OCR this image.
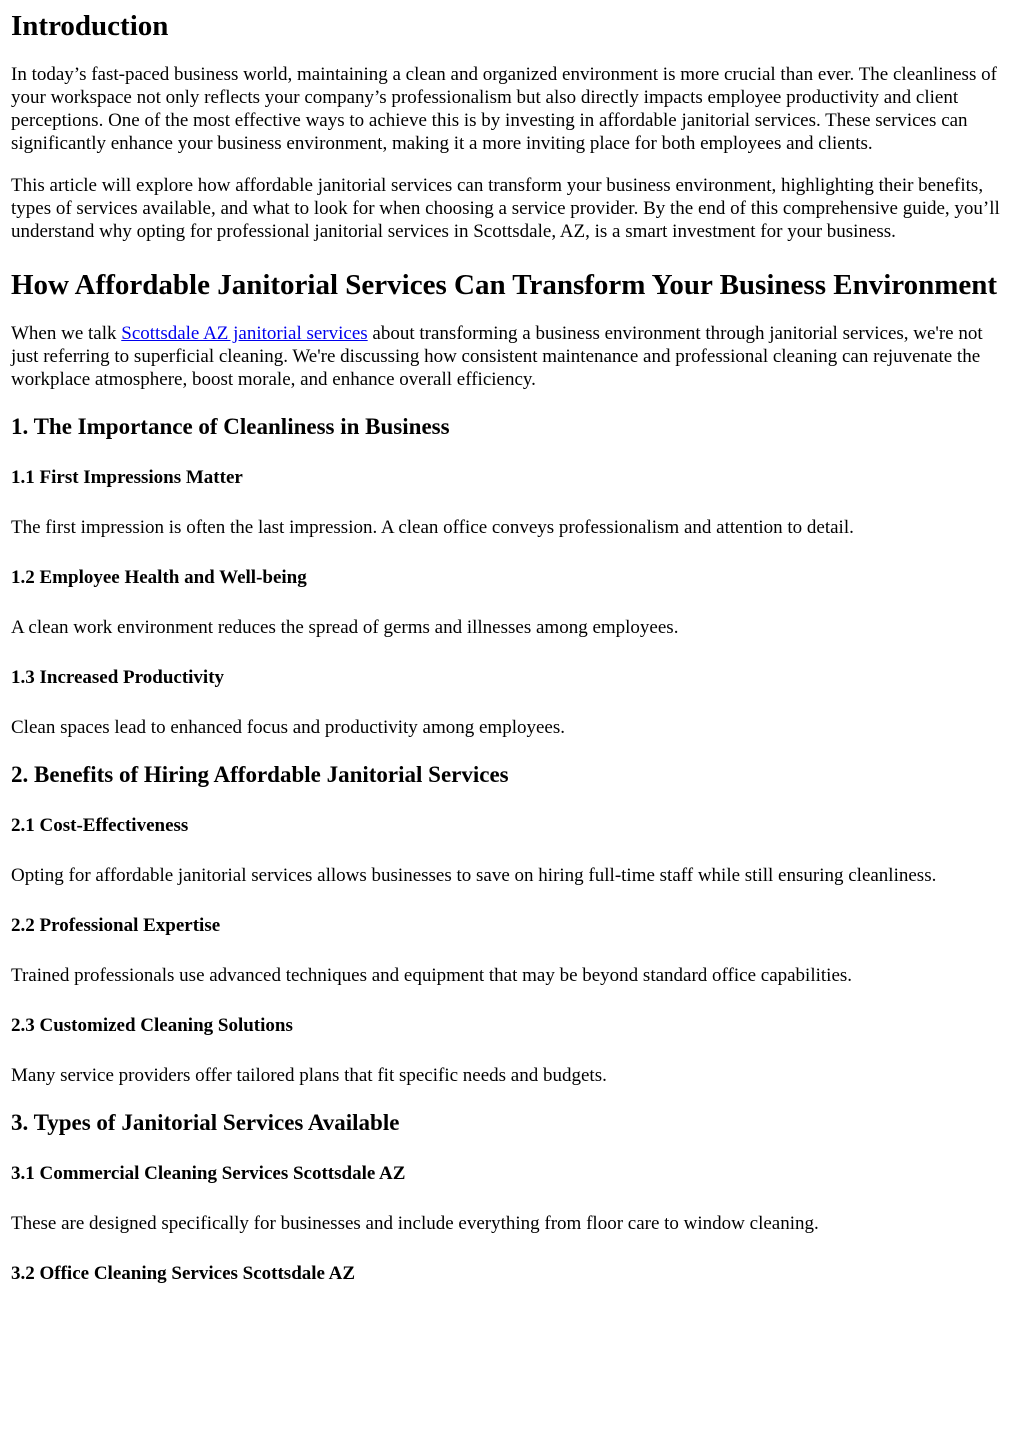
Introduction

In today’s fast-paced business world, maintaining a clean and organized environment is more crucial than ever. The cleanliness of your workspace not only reflects your company’s professionalism but also directly impacts employee productivity and client perceptions. One of the most effective ways to achieve this is by investing in affordable janitorial services. These services can significantly enhance your business environment, making it a more inviting place for both employees and clients.

This article will explore how affordable janitorial services can transform your business environment, highlighting their benefits, types of services available, and what to look for when choosing a service provider. By the end of this comprehensive guide, you’ll understand why opting for professional janitorial services in Scottsdale, AZ, is a smart investment for your business.

How Affordable Janitorial Services Can Transform Your Business Environment

When we talk Scottsdale AZ janitorial services about transforming a business environment through janitorial services, we're not just referring to superficial cleaning. We're discussing how consistent maintenance and professional cleaning can rejuvenate the workplace atmosphere, boost morale, and enhance overall efficiency.

1. The Importance of Cleanliness in Business
1.1 First Impressions Matter

The first impression is often the last impression. A clean office conveys professionalism and attention to detail.

1.2 Employee Health and Well-being

A clean work environment reduces the spread of germs and illnesses among employees.

1.3 Increased Productivity

Clean spaces lead to enhanced focus and productivity among employees.

2. Benefits of Hiring Affordable Janitorial Services
2.1 Cost-Effectiveness

Opting for affordable janitorial services allows businesses to save on hiring full-time staff while still ensuring cleanliness.

2.2 Professional Expertise

Trained professionals use advanced techniques and equipment that may be beyond standard office capabilities.

2.3 Customized Cleaning Solutions

Many service providers offer tailored plans that fit specific needs and budgets.

3. Types of Janitorial Services Available
3.1 Commercial Cleaning Services Scottsdale AZ

These are designed specifically for businesses and include everything from floor care to window cleaning.

3.2 Office Cleaning Services Scottsdale AZ
